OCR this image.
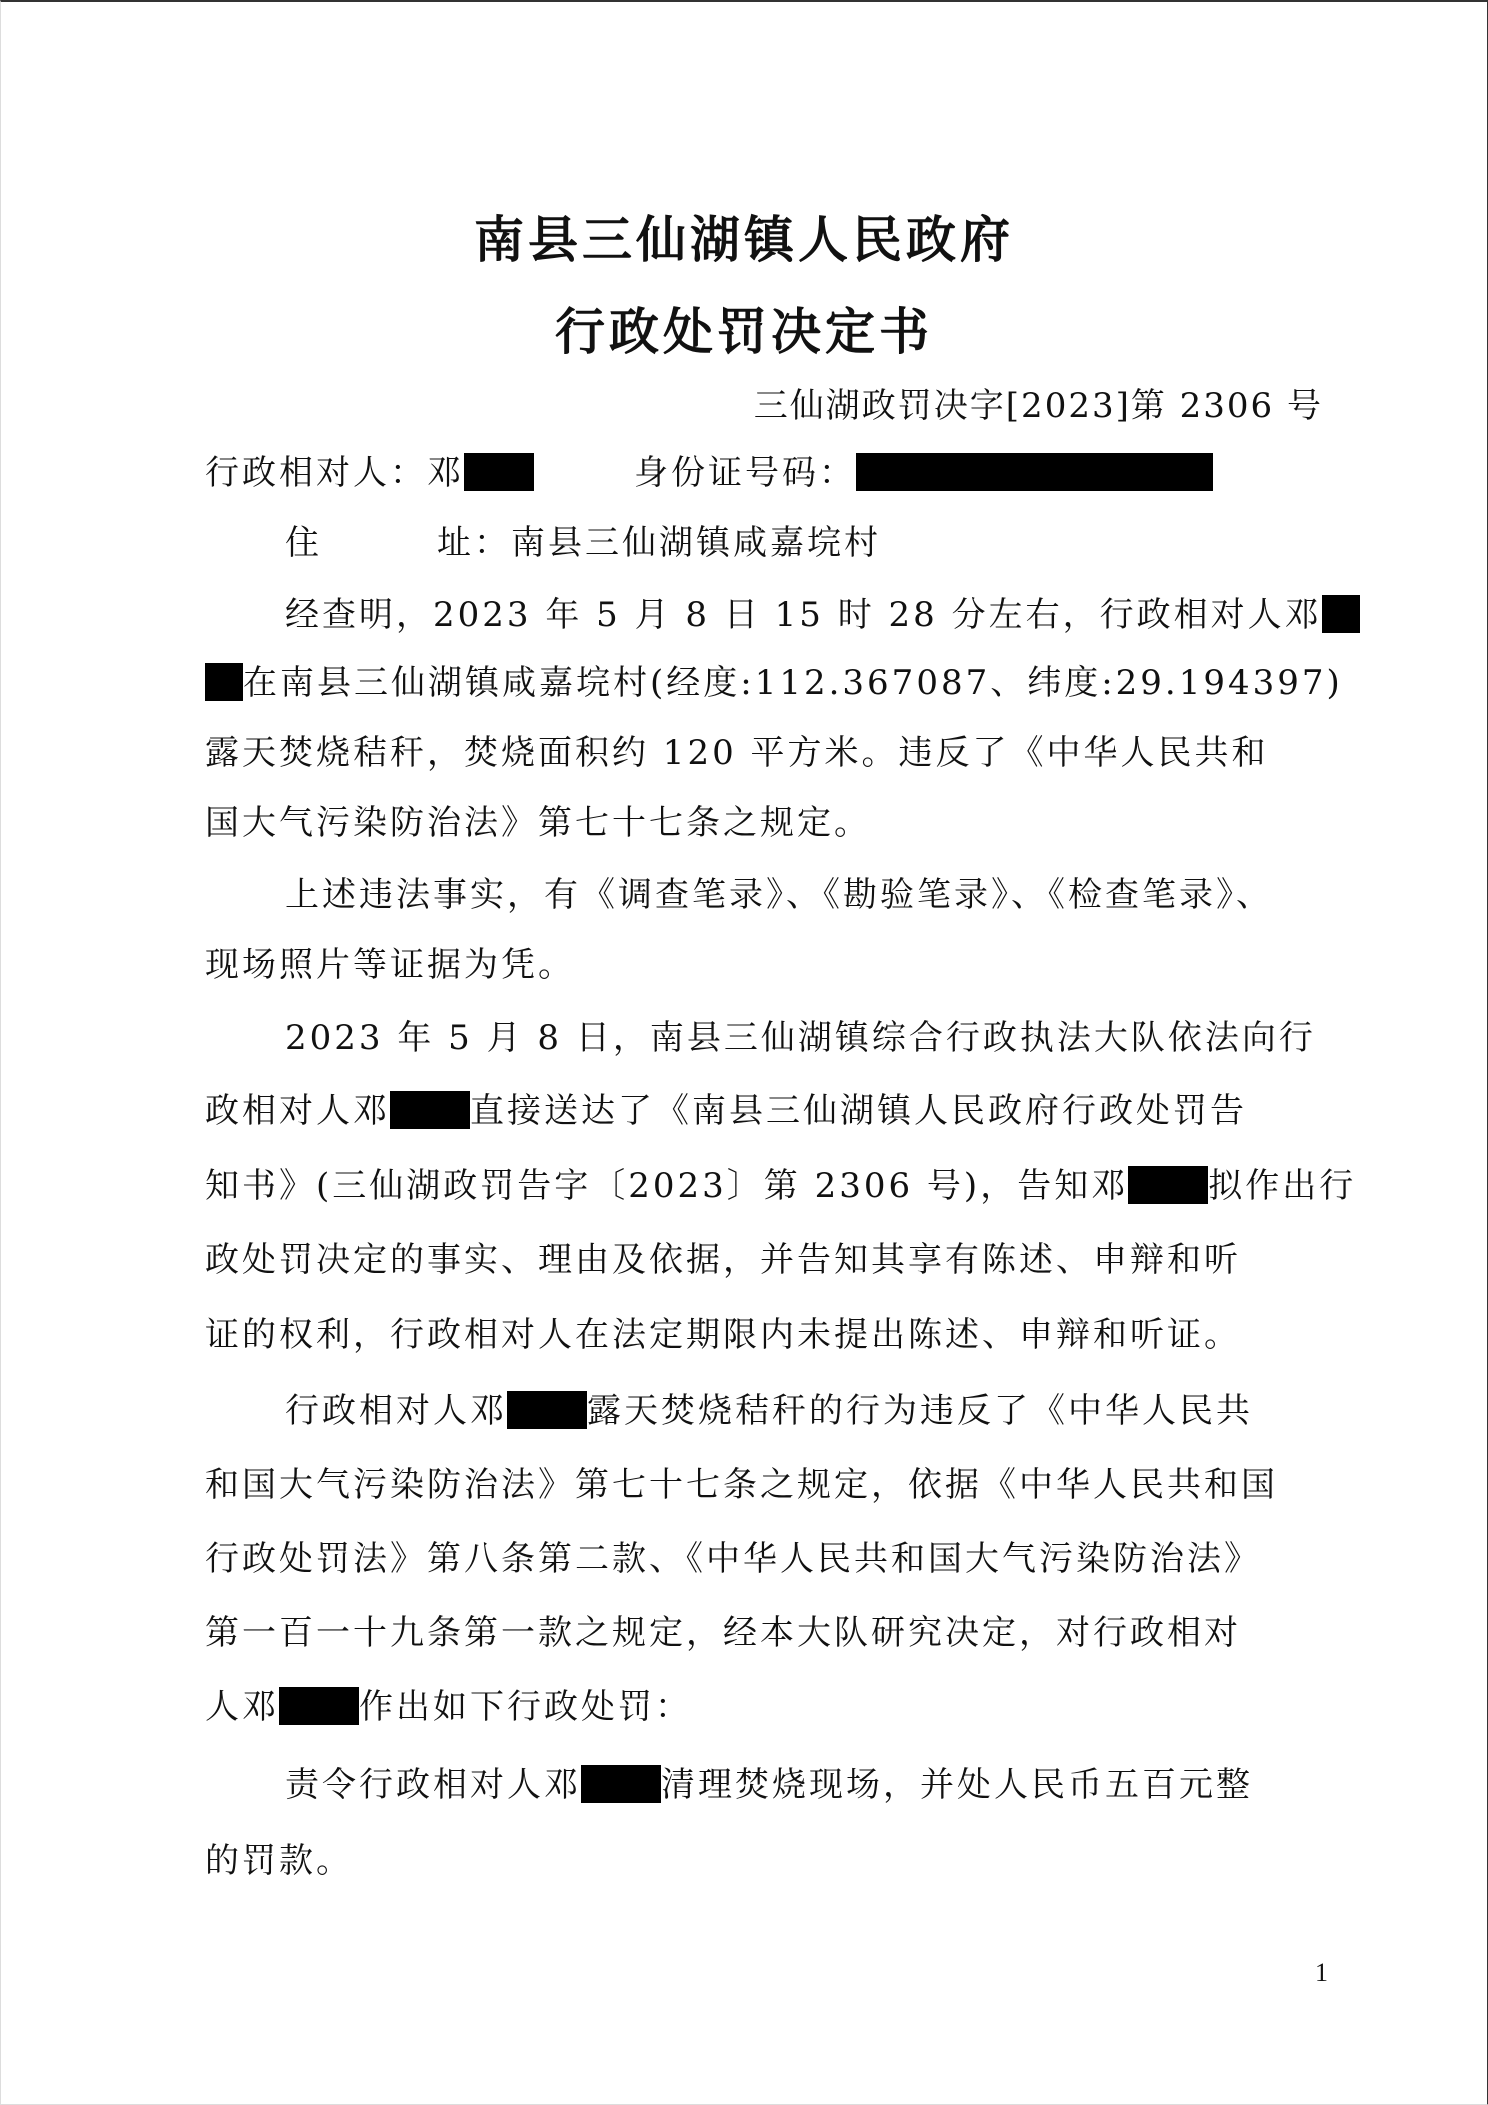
南县三仙湖镇人民政府
行政处罚决定书
三仙湖政罚决字[2023]第 2306 号
行政相对人：邓	身份证号码：
住	址：南县三仙湖镇咸嘉垸村
经查明，2023 年 5 月 8 日 15 时 28 分左右，行政相对人邓
在南县三仙湖镇咸嘉垸村(经度:112.367087、纬度:29.194397)
露天焚烧秸秆，焚烧面积约 120 平方米。违反了《中华人民共和
国大气污染防治法》第七十七条之规定。
上述违法事实，有《调查笔录》、《勘验笔录》、《检查笔录》、
现场照片等证据为凭。
2023 年 5 月 8 日，南县三仙湖镇综合行政执法大队依法向行
政相对人邓 直接送达了《南县三仙湖镇人民政府行政处罚告
知书》(三仙湖政罚告字〔2023〕第 2306 号)，告知邓 拟作出行
政处罚决定的事实、理由及依据，并告知其享有陈述、申辩和听
证的权利，行政相对人在法定期限内未提出陈述、申辩和听证。
行政相对人邓 露天焚烧秸秆的行为违反了《中华人民共
和国大气污染防治法》第七十七条之规定，依据《中华人民共和国
行政处罚法》第八条第二款、《中华人民共和国大气污染防治法》
第一百一十九条第一款之规定，经本大队研究决定，对行政相对
人邓 作出如下行政处罚：
责令行政相对人邓 清理焚烧现场，并处人民币五百元整
的罚款。
1
